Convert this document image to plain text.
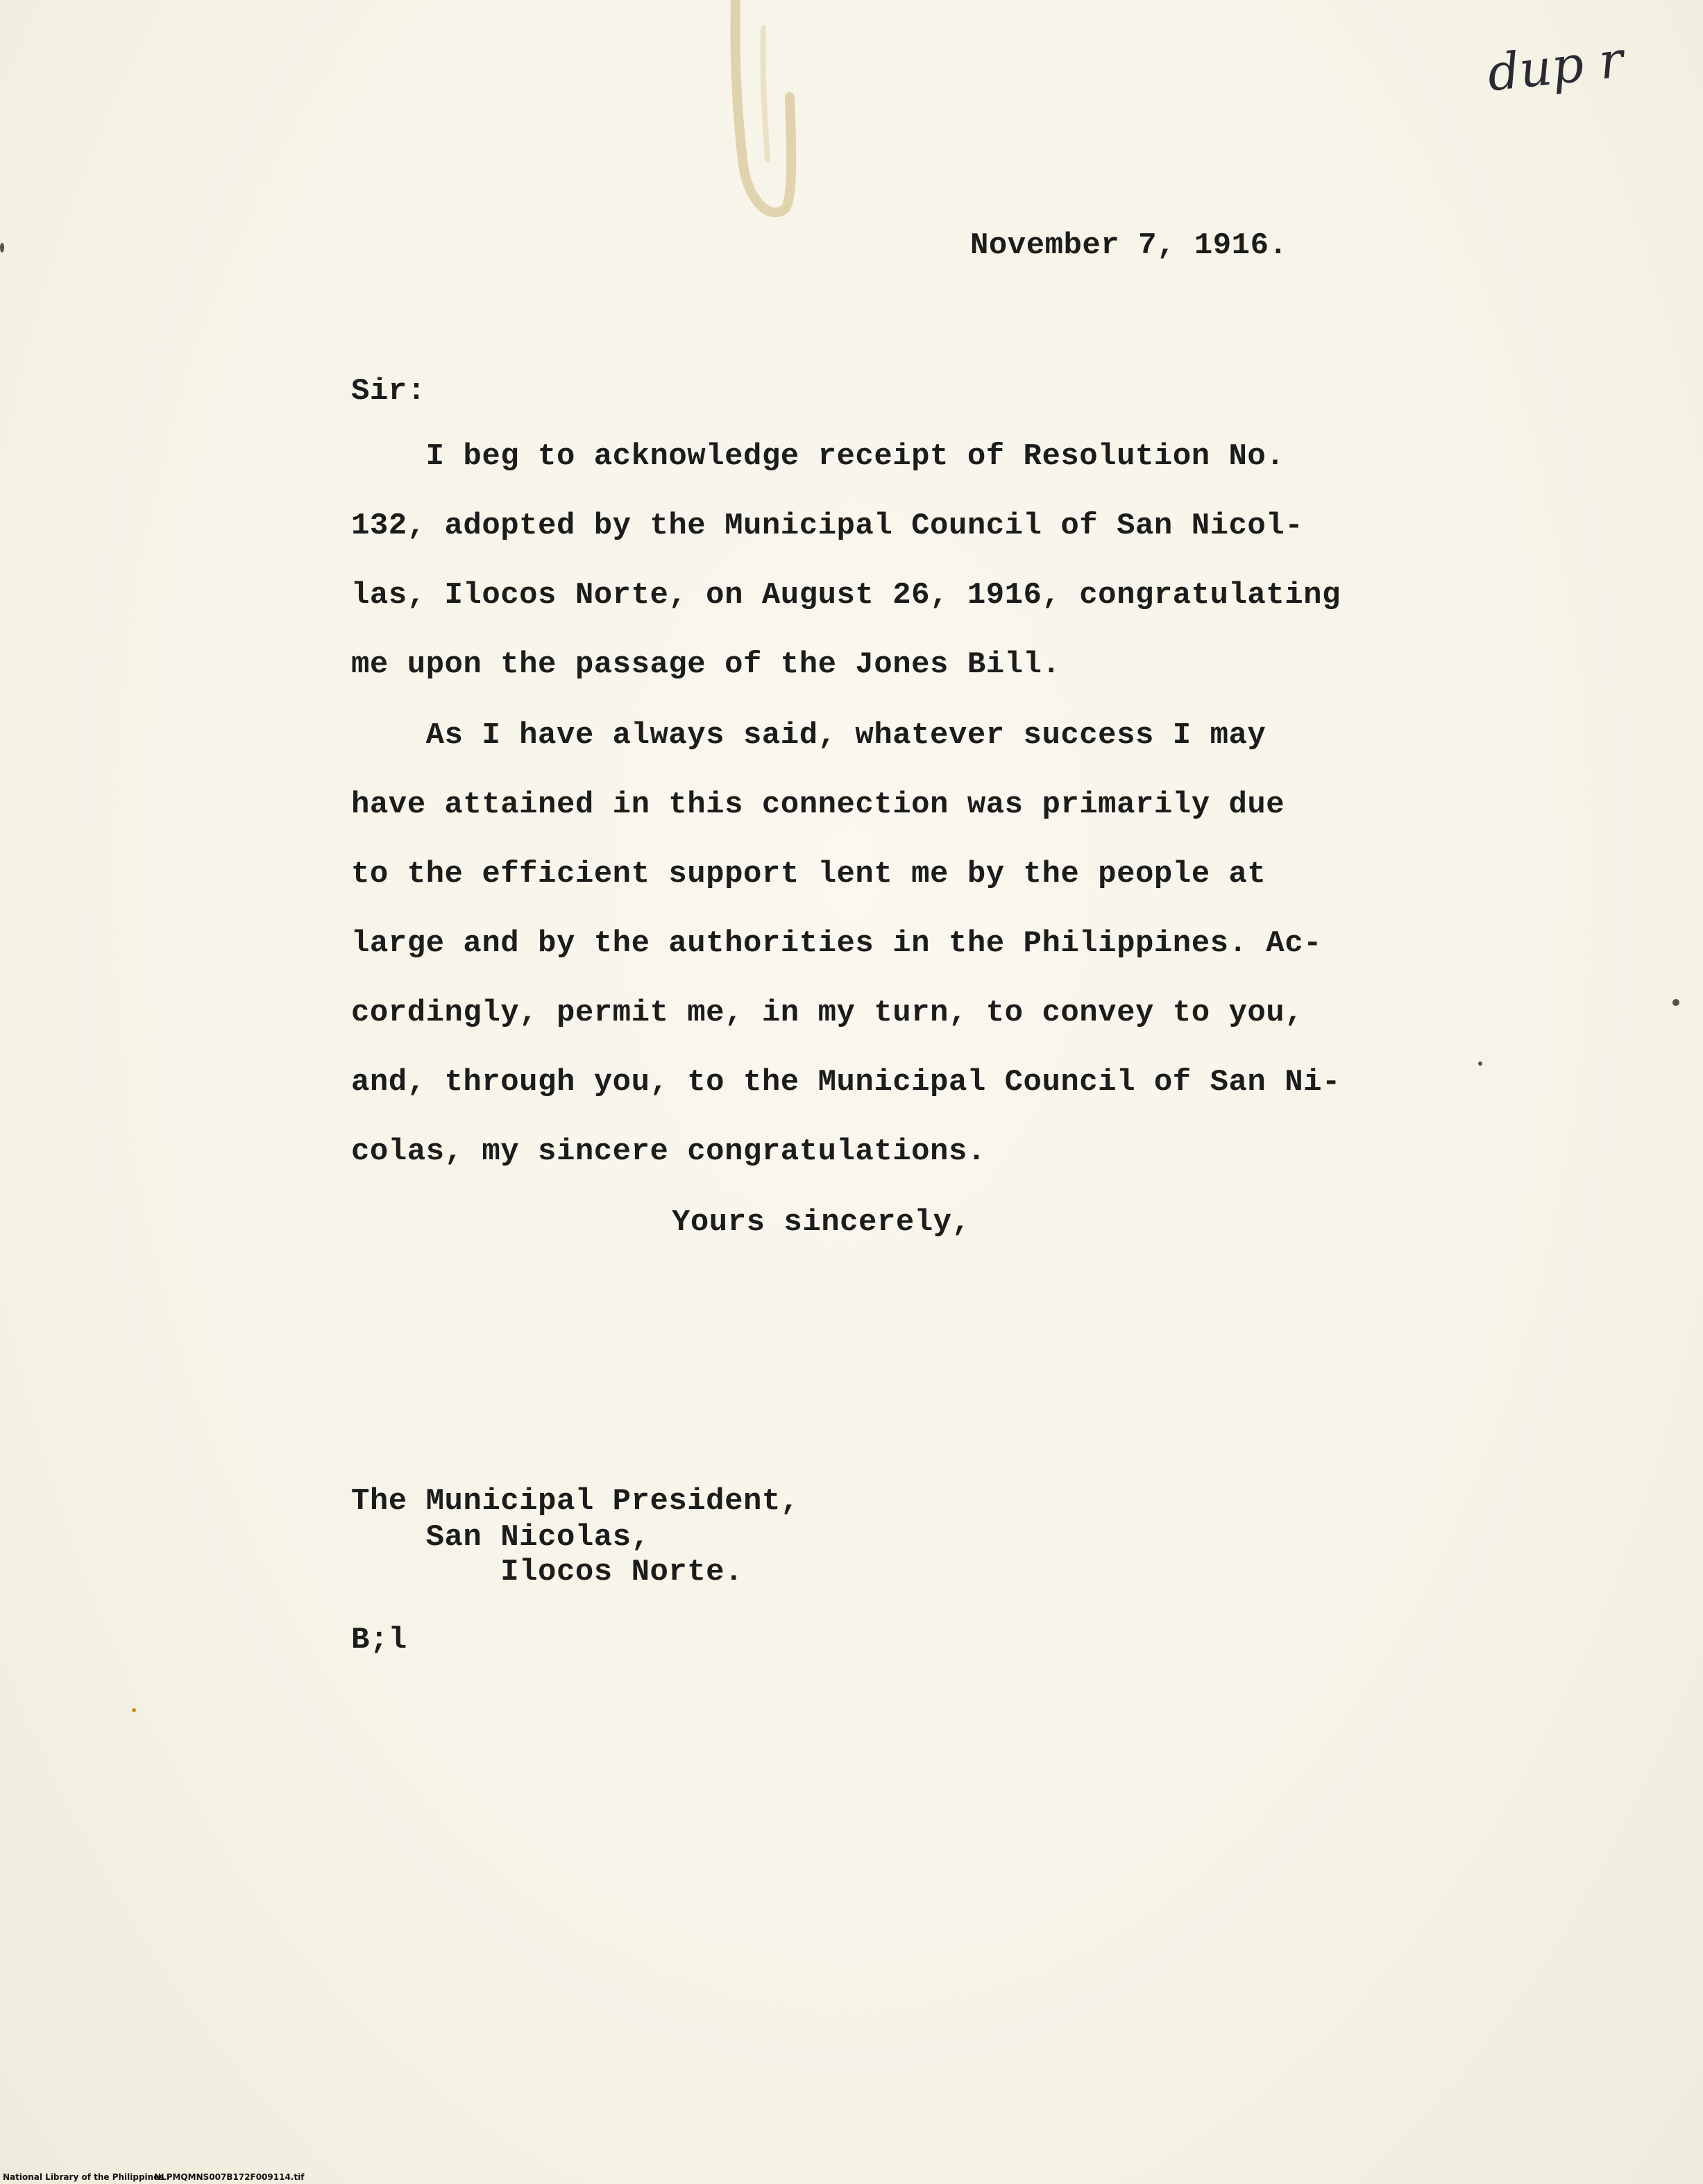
dup r
November 7, 1916.
Sir:
I beg to acknowledge receipt of Resolution No.
132, adopted by the Municipal Council of San Nicol-
las, Ilocos Norte, on August 26, 1916, congratulating
me upon the passage of the Jones Bill.
As I have always said, whatever success I may
have attained in this connection was primarily due
to the efficient support lent me by the people at
large and by the authorities in the Philippines. Ac-
cordingly, permit me, in my turn, to convey to you,
and, through you, to the Municipal Council of San Ni-
colas, my sincere congratulations.
Yours sincerely,
The Municipal President,
San Nicolas,
Ilocos Norte.
B;l
National Library of the Philippines
NLPMQMNS007B172F009114.tif
